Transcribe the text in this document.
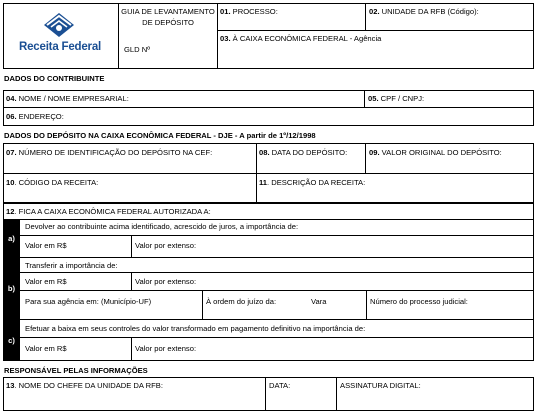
Receita Federal
GUIA DE LEVANTAMENTO DE DEPÓSITO
GLD Nº
01. PROCESSO:	02. UNIDADE DA RFB (Código):
03. À CAIXA ECONÔMICA FEDERAL - Agência
DADOS DO CONTRIBUINTE
04. NOME / NOME EMPRESARIAL:	05. CPF / CNPJ:
06. ENDEREÇO:
DADOS DO DEPÓSITO NA CAIXA ECONÔMICA FEDERAL - DJE - A partir de 1º/12/1998
07. NÚMERO DE IDENTIFICAÇÃO DO DEPÓSITO NA CEF:	08. DATA DO DEPÓSITO:	09. VALOR ORIGINAL DO DEPÓSITO:
10. CÓDIGO DA RECEITA:	11. DESCRIÇÃO DA RECEITA:
12. FICA A CAIXA ECONÔMICA FEDERAL AUTORIZADA A:
a)
Devolver ao contribuinte acima identificado, acrescido de juros, a importância de:
Valor em R$	Valor por extenso:
b)
Transferir a importância de:
Valor em R$	Valor por extenso:
Para sua agência em: (Município-UF)	À ordem do juízo da:	Vara	Número do processo judicial:
c)
Efetuar a baixa em seus controles do valor transformado em pagamento definitivo na importância de:
Valor em R$	Valor por extenso:
RESPONSÁVEL PELAS INFORMAÇÕES
13. NOME DO CHEFE DA UNIDADE DA RFB:	DATA:	ASSINATURA DIGITAL:
